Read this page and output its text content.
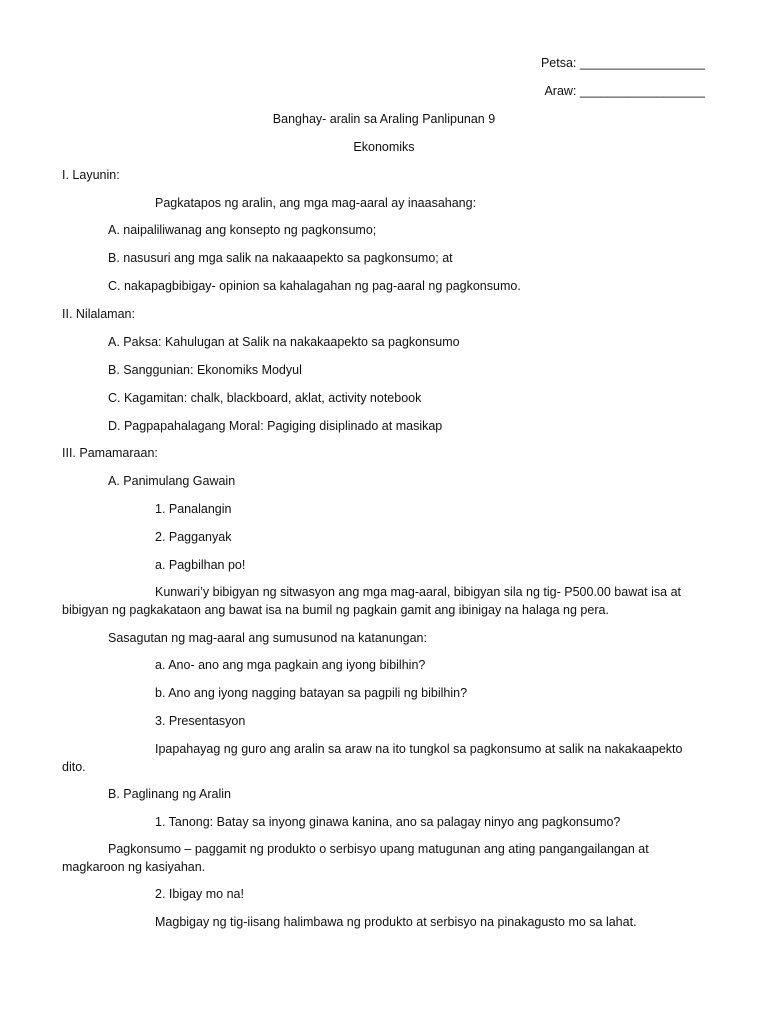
Petsa: __________________
Araw: __________________
Banghay- aralin sa Araling Panlipunan 9
Ekonomiks
I. Layunin:
Pagkatapos ng aralin, ang mga mag-aaral ay inaasahang:
A. naipaliliwanag ang konsepto ng pagkonsumo;
B. nasusuri ang mga salik na nakaaapekto sa pagkonsumo; at
C. nakapagbibigay- opinion sa kahalagahan ng pag-aaral ng pagkonsumo.
II. Nilalaman:
A. Paksa: Kahulugan at Salik na nakakaapekto sa pagkonsumo
B. Sanggunian: Ekonomiks Modyul
C. Kagamitan: chalk, blackboard, aklat, activity notebook
D. Pagpapahalagang Moral: Pagiging disiplinado at masikap
III. Pamamaraan:
A. Panimulang Gawain
1. Panalangin
2. Pagganyak
a. Pagbilhan po!
Kunwari’y bibigyan ng sitwasyon ang mga mag-aaral, bibigyan sila ng tig- P500.00 bawat isa at bibigyan ng pagkakataon ang bawat isa na bumil ng pagkain gamit ang ibinigay na halaga ng pera.
Sasagutan ng mag-aaral ang sumusunod na katanungan:
a. Ano- ano ang mga pagkain ang iyong bibilhin?
b. Ano ang iyong nagging batayan sa pagpili ng bibilhin?
3. Presentasyon
Ipapahayag ng guro ang aralin sa araw na ito tungkol sa pagkonsumo at salik na nakakaapekto dito.
B. Paglinang ng Aralin
1. Tanong: Batay sa inyong ginawa kanina, ano sa palagay ninyo ang pagkonsumo?
Pagkonsumo – paggamit ng produkto o serbisyo upang matugunan ang ating pangangailangan at magkaroon ng kasiyahan.
2. Ibigay mo na!
Magbigay ng tig-iisang halimbawa ng produkto at serbisyo na pinakagusto mo sa lahat.
